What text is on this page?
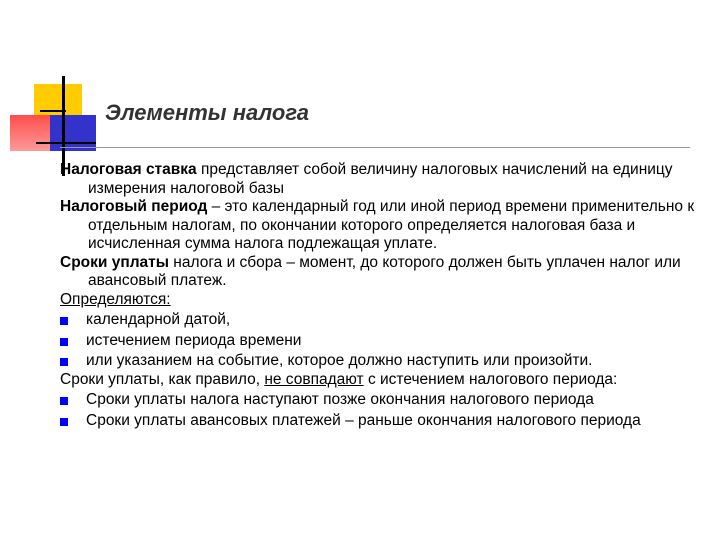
Элементы налога

Налоговая ставка представляет собой величину налоговых начислений на единицу измерения налоговой базы

Налоговый период – это календарный год или иной период времени применительно к отдельным налогам, по окончании которого определяется налоговая база и исчисленная сумма налога подлежащая уплате.

Сроки уплаты налога и сбора – момент, до которого должен быть уплачен налог или авансовый платеж.

Определяются:

календарной датой,
истечением периода времени
или указанием на событие, которое должно наступить или произойти.

Сроки уплаты, как правило, не совпадают с истечением налогового периода:

Сроки уплаты налога наступают позже окончания налогового периода
Сроки уплаты авансовых платежей – раньше окончания налогового периода
